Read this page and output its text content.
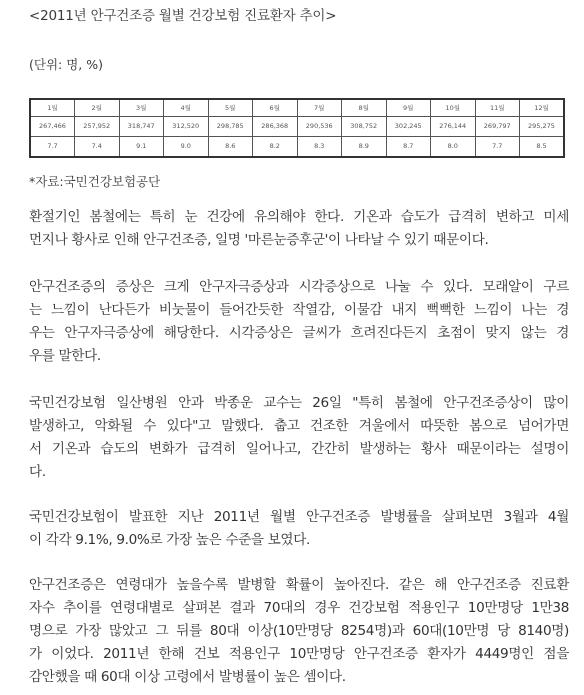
<2011년 안구건조증 월별 건강보험 진료환자 추이>
(단위: 명, %)
1월	2월	3월	4월	5월	6월	7월	8월	9월	10월	11월	12월
267,466	257,952	318,747	312,520	298,785	286,368	290,536	308,752	302,245	276,144	269,797	295,275
7.7	7.4	9.1	9.0	8.6	8.2	8.3	8.9	8.7	8.0	7.7	8.5
*자료:국민건강보험공단
환절기인 봄철에는 특히 눈 건강에 유의해야 한다. 기온과 습도가 급격히 변하고 미세
먼지나 황사로 인해 안구건조증, 일명 '마른눈증후군'이 나타날 수 있기 때문이다.
안구건조증의 증상은 크게 안구자극증상과 시각증상으로 나눌 수 있다. 모래알이 구르
는 느낌이 난다든가 비눗물이 들어간듯한 작열감, 이물감 내지 뻑뻑한 느낌이 나는 경
우는 안구자극증상에 해당한다. 시각증상은 글씨가 흐려진다든지 초점이 맞지 않는 경
우를 말한다.
국민건강보험 일산병원 안과 박종운 교수는 26일 "특히 봄철에 안구건조증상이 많이
발생하고, 악화될 수 있다"고 말했다. 춥고 건조한 겨울에서 따뜻한 봄으로 넘어가면
서 기온과 습도의 변화가 급격히 일어나고, 간간히 발생하는 황사 때문이라는 설명이
다.
국민건강보험이 발표한 지난 2011년 월별 안구건조증 발병률을 살펴보면 3월과 4월
이 각각 9.1%, 9.0%로 가장 높은 수준을 보였다.
안구건조증은 연령대가 높을수록 발병할 확률이 높아진다. 같은 해 안구건조증 진료환
자수 추이를 연령대별로 살펴본 결과 70대의 경우 건강보험 적용인구 10만명당 1만38
명으로 가장 많았고 그 뒤를 80대 이상(10만명당 8254명)과 60대(10만명 당 8140명)
가 이었다. 2011년 한해 건보 적용인구 10만명당 안구건조증 환자가 4449명인 점을
감안했을 때 60대 이상 고령에서 발병률이 높은 셈이다.
